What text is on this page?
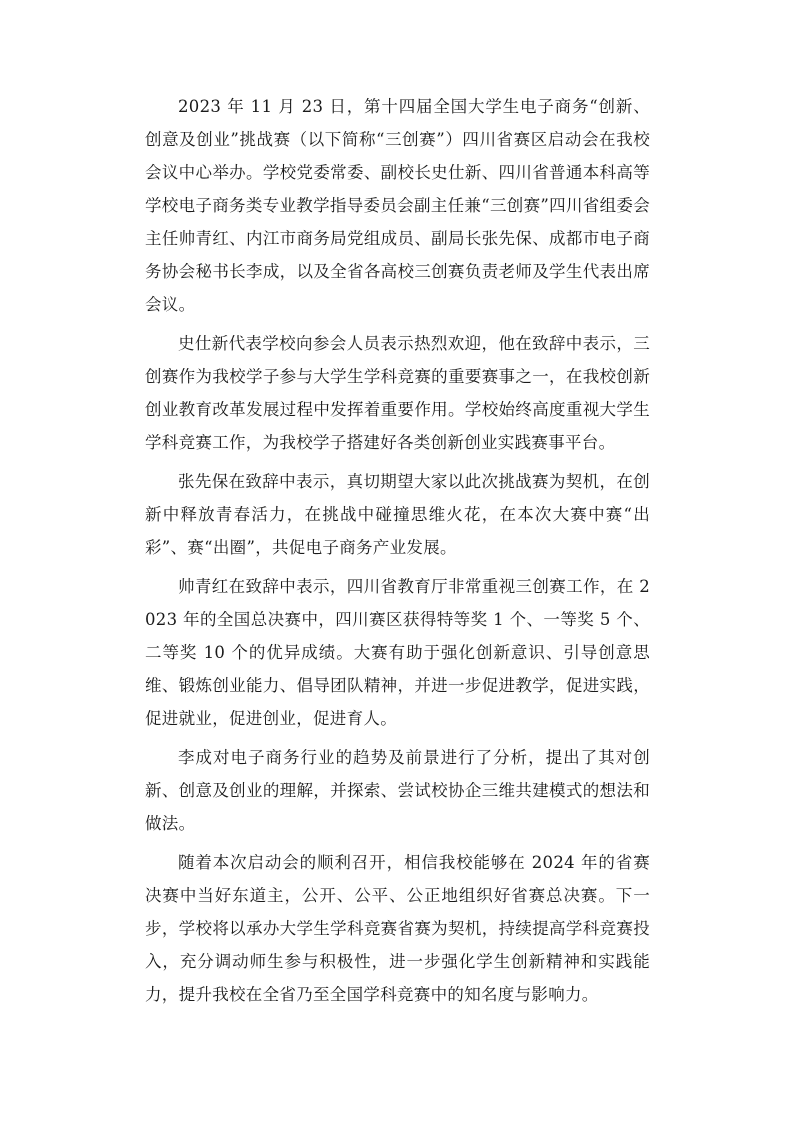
2023 年 11 月 23 日，第十四届全国大学生电子商务“创新、创意及创业”挑战赛（以下简称“三创赛”）四川省赛区启动会在我校会议中心举办。学校党委常委、副校长史仕新、四川省普通本科高等学校电子商务类专业教学指导委员会副主任兼“三创赛”四川省组委会主任帅青红、内江市商务局党组成员、副局长张先保、成都市电子商务协会秘书长李成，以及全省各高校三创赛负责老师及学生代表出席会议。

史仕新代表学校向参会人员表示热烈欢迎，他在致辞中表示，三创赛作为我校学子参与大学生学科竞赛的重要赛事之一，在我校创新创业教育改革发展过程中发挥着重要作用。学校始终高度重视大学生学科竞赛工作，为我校学子搭建好各类创新创业实践赛事平台。

张先保在致辞中表示，真切期望大家以此次挑战赛为契机，在创新中释放青春活力，在挑战中碰撞思维火花，在本次大赛中赛“出彩”、赛“出圈”，共促电子商务产业发展。

帅青红在致辞中表示，四川省教育厅非常重视三创赛工作，在 2023 年的全国总决赛中，四川赛区获得特等奖 1 个、一等奖 5 个、二等奖 10 个的优异成绩。大赛有助于强化创新意识、引导创意思维、锻炼创业能力、倡导团队精神，并进一步促进教学，促进实践，促进就业，促进创业，促进育人。

李成对电子商务行业的趋势及前景进行了分析，提出了其对创新、创意及创业的理解，并探索、尝试校协企三维共建模式的想法和做法。

随着本次启动会的顺利召开，相信我校能够在 2024 年的省赛决赛中当好东道主，公开、公平、公正地组织好省赛总决赛。下一步，学校将以承办大学生学科竞赛省赛为契机，持续提高学科竞赛投入，充分调动师生参与积极性，进一步强化学生创新精神和实践能力，提升我校在全省乃至全国学科竞赛中的知名度与影响力。
